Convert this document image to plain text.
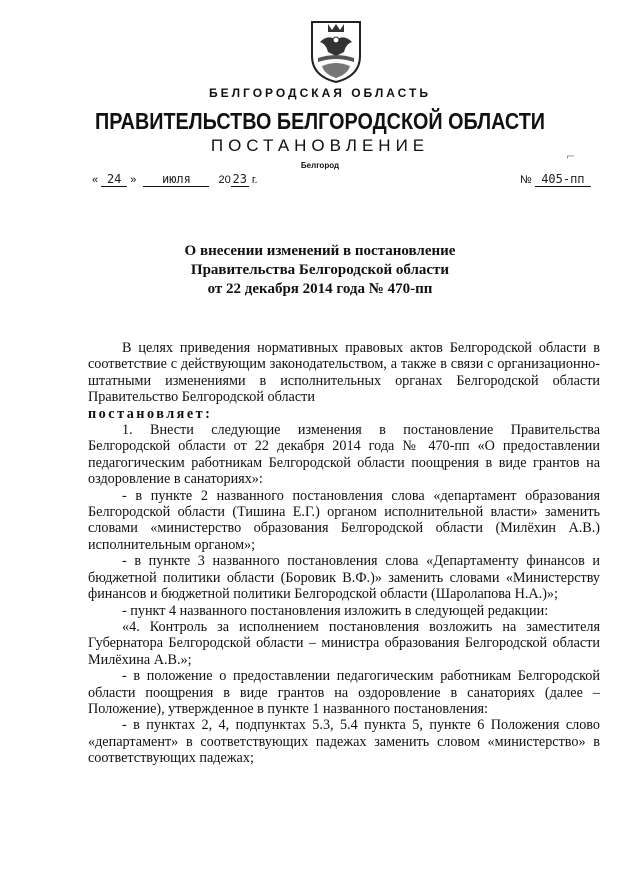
БЕЛГОРОДСКАЯ ОБЛАСТЬ
ПРАВИТЕЛЬСТВО БЕЛГОРОДСКОЙ ОБЛАСТИ
ПОСТАНОВЛЕНИЕ
Белгород
⌐
« 24 » июля	20 23 г.	№ 405-пп
О внесении изменений в постановление
Правительства Белгородской области
от 22 декабря 2014 года № 470-пп

В целях приведения нормативных правовых актов Белгородской области в соответствие с действующим законодательством, а также в связи с организационно-штатными изменениями в исполнительных органах Белгородской области Правительство Белгородской области

постановляет:

1. Внести следующие изменения в постановление Правительства Белгородской области от 22 декабря 2014 года № 470-пп «О предоставлении педагогическим работникам Белгородской области поощрения в виде грантов на оздоровление в санаториях»:

- в пункте 2 названного постановления слова «департамент образования Белгородской области (Тишина Е.Г.) органом исполнительной власти» заменить словами «министерство образования Белгородской области (Милёхин А.В.) исполнительным органом»;

- в пункте 3 названного постановления слова «Департаменту финансов и бюджетной политики области (Боровик В.Ф.)» заменить словами «Министерству финансов и бюджетной политики Белгородской области (Шаролапова Н.А.)»;

- пункт 4 названного постановления изложить в следующей редакции:

«4. Контроль за исполнением постановления возложить на заместителя Губернатора Белгородской области – министра образования Белгородской области Милёхина А.В.»;

- в положение о предоставлении педагогическим работникам Белгородской области поощрения в виде грантов на оздоровление в санаториях (далее – Положение), утвержденное в пункте 1 названного постановления:

- в пунктах 2, 4, подпунктах 5.3, 5.4 пункта 5, пункте 6 Положения слово «департамент» в соответствующих падежах заменить словом «министерство» в соответствующих падежах;
